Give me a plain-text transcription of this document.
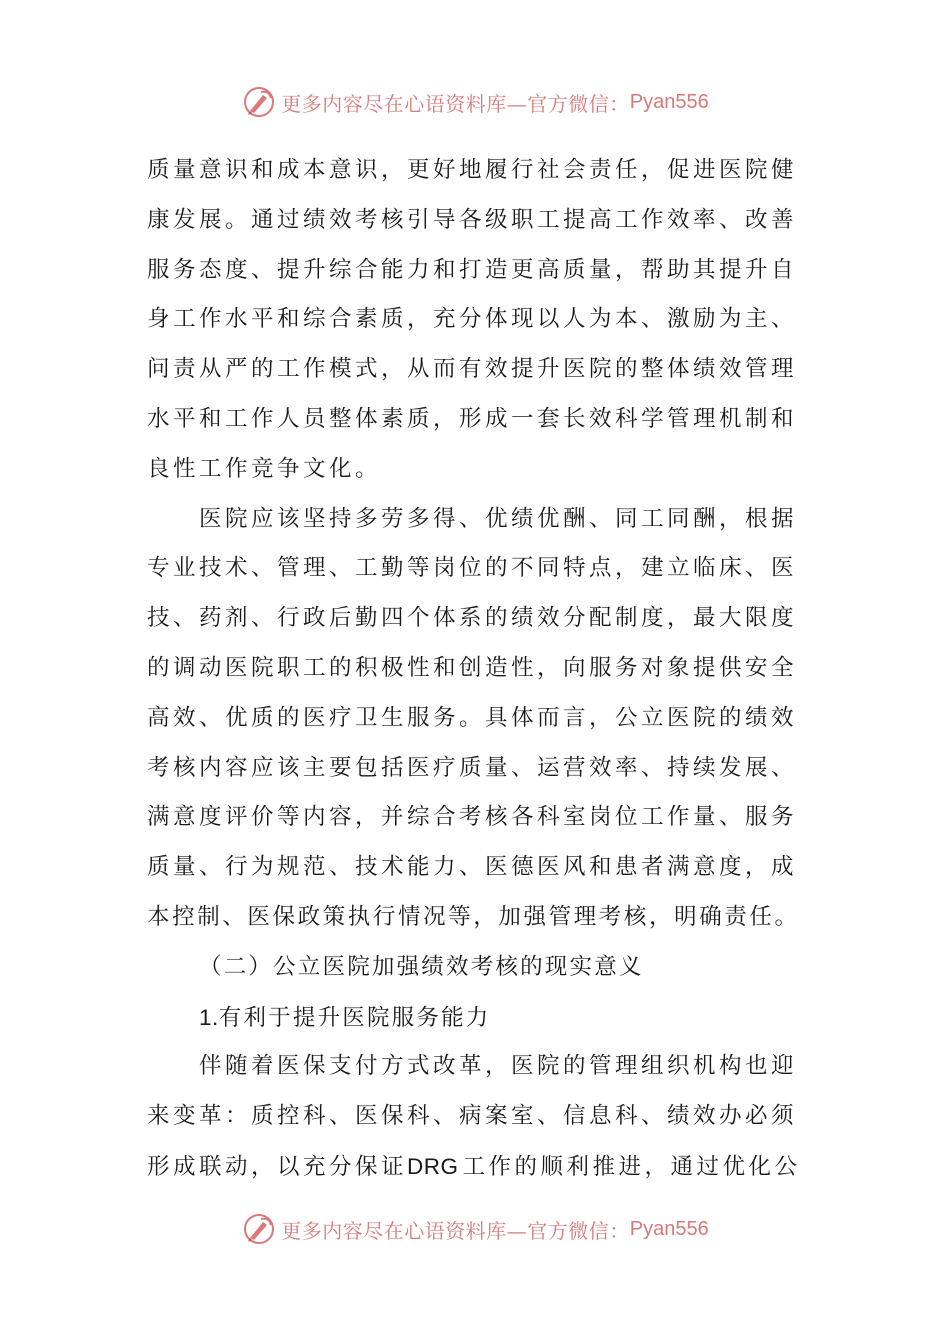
更多内容尽在心语资料库—官方微信： Pyan556
质量意识和成本意识，更好地履行社会责任，促进医院健
康发展。通过绩效考核引导各级职工提高工作效率、改善
服务态度、提升综合能力和打造更高质量，帮助其提升自
身工作水平和综合素质，充分体现以人为本、激励为主、
问责从严的工作模式，从而有效提升医院的整体绩效管理
水平和工作人员整体素质，形成一套长效科学管理机制和
良性工作竞争文化。
医院应该坚持多劳多得、优绩优酬、同工同酬，根据
专业技术、管理、工勤等岗位的不同特点，建立临床、医
技、药剂、行政后勤四个体系的绩效分配制度，最大限度
的调动医院职工的积极性和创造性，向服务对象提供安全
高效、优质的医疗卫生服务。具体而言，公立医院的绩效
考核内容应该主要包括医疗质量、运营效率、持续发展、
满意度评价等内容，并综合考核各科室岗位工作量、服务
质量、行为规范、技术能力、医德医风和患者满意度，成
本控制、医保政策执行情况等，加强管理考核，明确责任。
（二）公立医院加强绩效考核的现实意义
1.有利于提升医院服务能力
伴随着医保支付方式改革，医院的管理组织机构也迎
来变革：质控科、医保科、病案室、信息科、绩效办必须
形成联动，以充分保证DRG 工作的顺利推进，通过优化公
更多内容尽在心语资料库—官方微信： Pyan556
